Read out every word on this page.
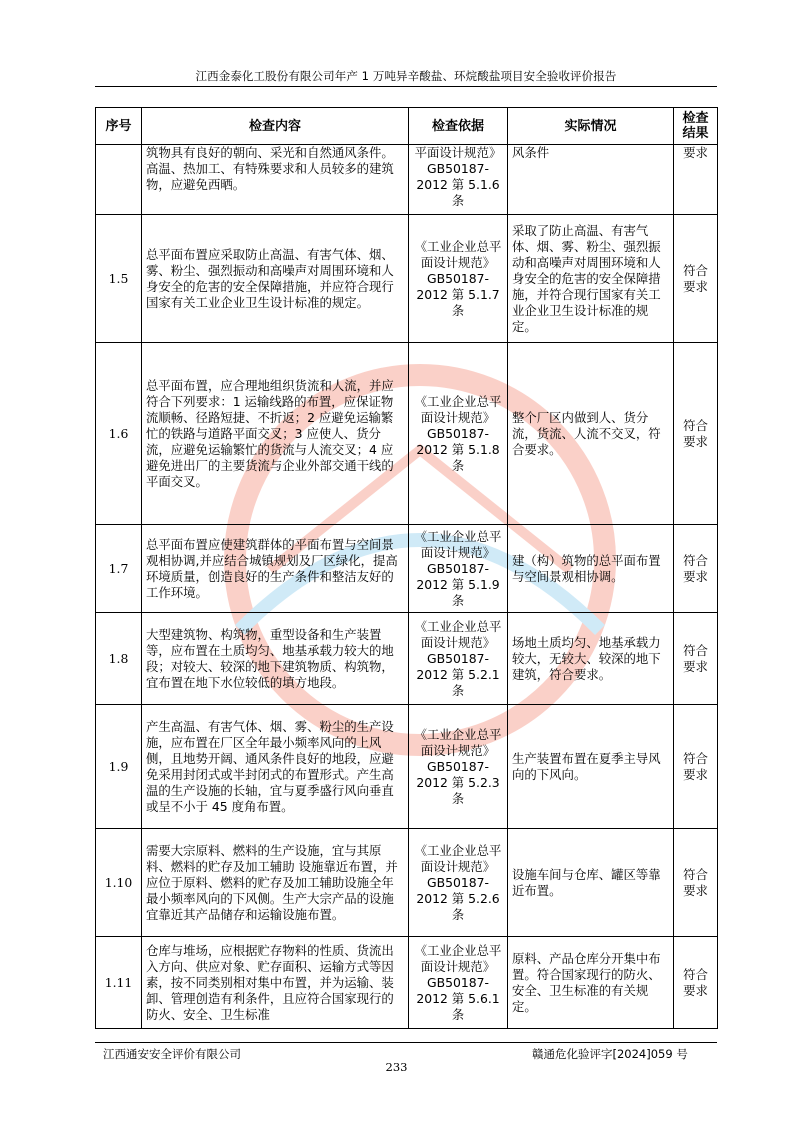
江西金泰化工股份有限公司年产 1 万吨异辛酸盐、环烷酸盐项目安全验收评价报告
序号	检查内容	检查依据	实际情况	检查结果
	筑物具有良好的朝向、采光和自然通风条件。高温、热加工、有特殊要求和人员较多的建筑物，应避免西晒。	平面设计规范》GB50187-2012 第 5.1.6 条	风条件	要求
1.5	总平面布置应采取防止高温、有害气体、烟、雾、粉尘、强烈振动和高噪声对周围环境和人身安全的危害的安全保障措施，并应符合现行国家有关工业企业卫生设计标准的规定。	《工业企业总平面设计规范》GB50187-2012 第 5.1.7 条	采取了防止高温、有害气体、烟、雾、粉尘、强烈振动和高噪声对周围环境和人身安全的危害的安全保障措施，并符合现行国家有关工业企业卫生设计标准的规定。	符合要求
1.6	总平面布置，应合理地组织货流和人流，并应符合下列要求：1 运输线路的布置，应保证物流顺畅、径路短捷、不折返；2 应避免运输繁忙的铁路与道路平面交叉；3 应使人、货分流，应避免运输繁忙的货流与人流交叉；4 应避免进出厂的主要货流与企业外部交通干线的平面交叉。	《工业企业总平面设计规范》GB50187-2012 第 5.1.8 条	整个厂区内做到人、货分流，货流、人流不交叉，符合要求。	符合要求
1.7	总平面布置应使建筑群体的平面布置与空间景观相协调,并应结合城镇规划及厂区绿化，提高环境质量，创造良好的生产条件和整洁友好的工作环境。	《工业企业总平面设计规范》GB50187-2012 第 5.1.9 条	建（构）筑物的总平面布置与空间景观相协调。	符合要求
1.8	大型建筑物、构筑物，重型设备和生产装置等，应布置在土质均匀、地基承载力较大的地段；对较大、较深的地下建筑物质、构筑物，宜布置在地下水位较低的填方地段。	《工业企业总平面设计规范》GB50187-2012 第 5.2.1 条	场地土质均匀、地基承载力较大，无较大、较深的地下建筑，符合要求。	符合要求
1.9	产生高温、有害气体、烟、雾、粉尘的生产设施，应布置在厂区全年最小频率风向的上风侧，且地势开阔、通风条件良好的地段，应避免采用封闭式或半封闭式的布置形式。产生高温的生产设施的长轴，宜与夏季盛行风向垂直或呈不小于 45 度角布置。	《工业企业总平面设计规范》GB50187-2012 第 5.2.3 条	生产装置布置在夏季主导风向的下风向。	符合要求
1.10	需要大宗原料、燃料的生产设施，宜与其原料、燃料的贮存及加工辅助 设施靠近布置，并应位于原料、燃料的贮存及加工辅助设施全年最小频率风向的下风侧。生产大宗产品的设施宜靠近其产品储存和运输设施布置。	《工业企业总平面设计规范》GB50187-2012 第 5.2.6 条	设施车间与仓库、罐区等靠近布置。	符合要求
1.11	仓库与堆场，应根据贮存物料的性质、货流出入方向、供应对象、贮存面积、运输方式等因素，按不同类别相对集中布置，并为运输、装卸、管理创造有利条件，且应符合国家现行的防火、安全、卫生标准	《工业企业总平面设计规范》GB50187-2012 第 5.6.1 条	原料、产品仓库分开集中布置。符合国家现行的防火、安全、卫生标准的有关规定。	符合要求
江西通安安全评价有限公司	赣通危化验评字[2024]059 号
233
